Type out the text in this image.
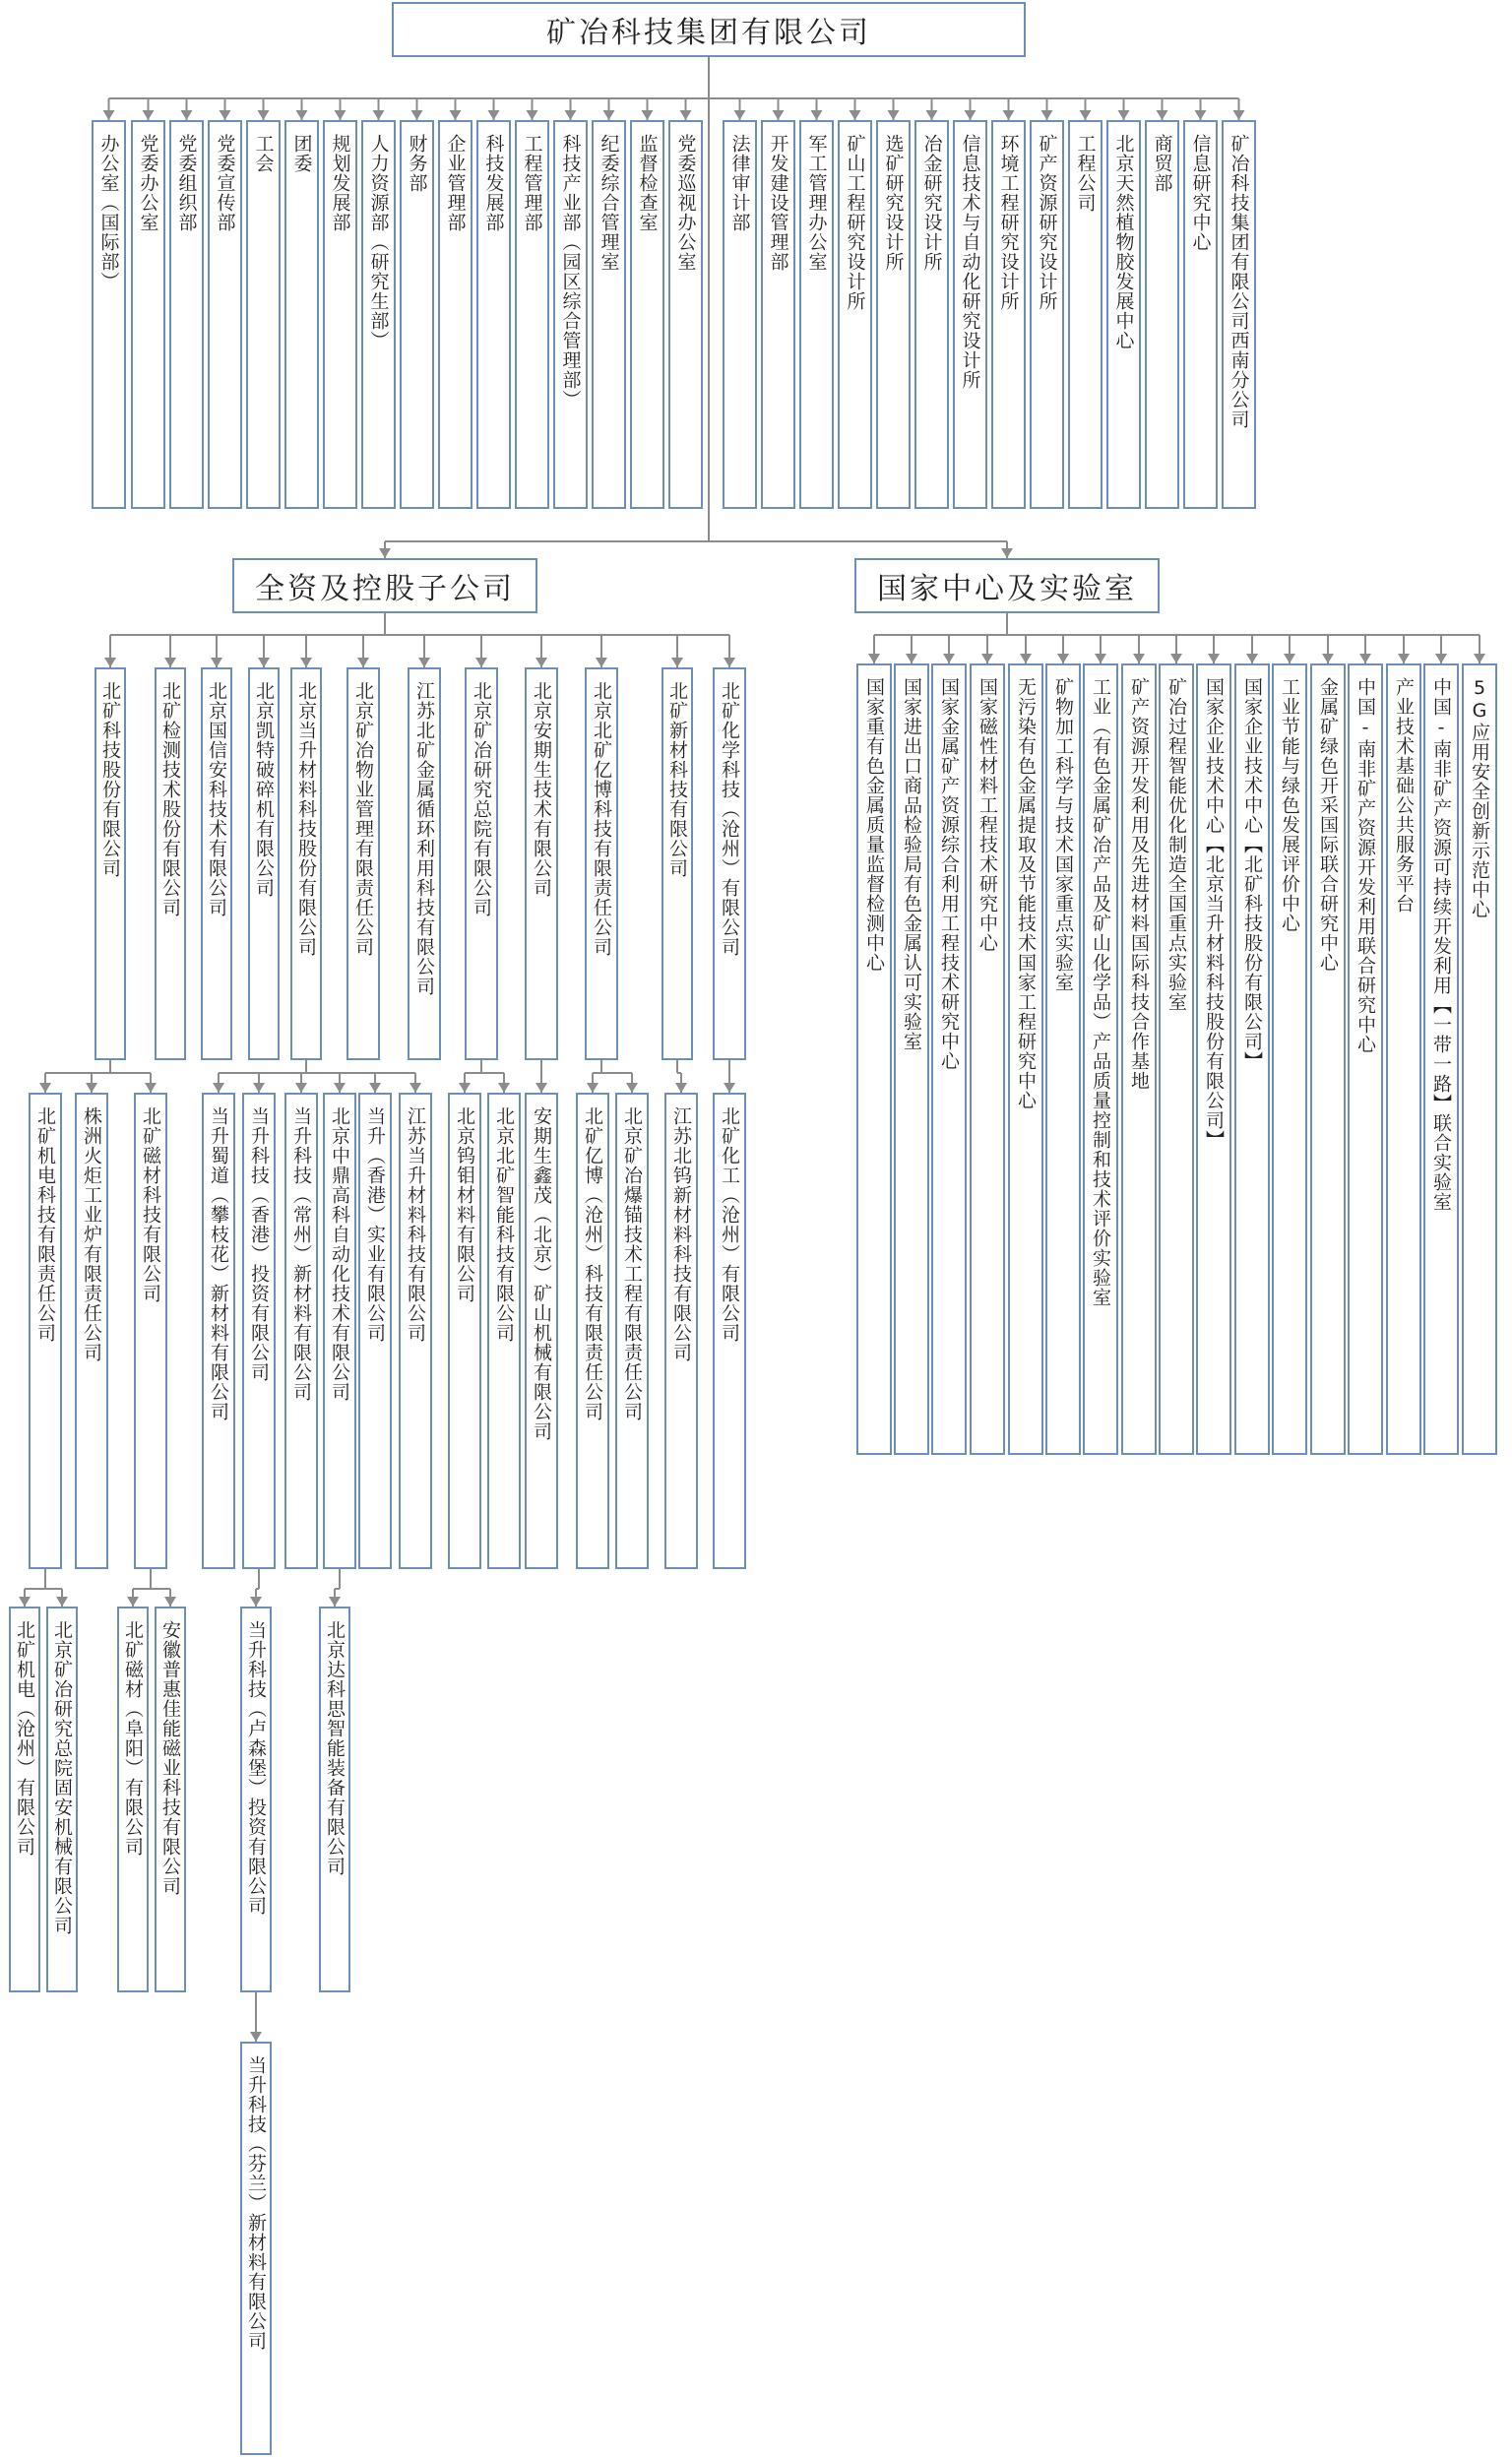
矿冶科技集团有限公司
办公室（国际部） 党委办公室 党委组织部 党委宣传部 工会 团委 规划发展部 人力资源部（研究生部） 财务部 企业管理部 科技发展部 工程管理部 科技产业部（园区综合管理部） 纪委综合管理室 监督检查室 党委巡视办公室 法律审计部 开发建设管理部 军工管理办公室 矿山工程研究设计所 选矿研究设计所 冶金研究设计所 信息技术与自动化研究设计所 环境工程研究设计所 矿产资源研究设计所 工程公司 北京天然植物胶发展中心 商贸部 信息研究中心 矿冶科技集团有限公司西南分公司
全资及控股子公司	国家中心及实验室
北矿科技股份有限公司 北矿检测技术股份有限公司 北京国信安科技术有限公司 北京凯特破碎机有限公司 北京当升材料科技股份有限公司 北京矿冶物业管理有限责任公司 江苏北矿金属循环利用科技有限公司 北京矿冶研究总院有限公司 北京安期生技术有限公司 北京北矿亿博科技有限责任公司	北矿新材科技有限公司 北矿化学科技（沧州）有限公司
北矿机电科技有限责任公司 株洲火炬工业炉有限责任公司 北矿磁材科技有限公司 当升蜀道（攀枝花）新材料有限公司 当升科技（香港）投资有限公司 当升科技（常州）新材料有限公司 北京中鼎高科自动化技术有限公司 当升（香港）实业有限公司 江苏当升材料科技有限公司 北京钨钼材料有限公司 北京北矿智能科技有限公司 安期生鑫茂（北京）矿山机械有限公司 北矿亿博（沧州）科技有限责任公司 北京矿冶爆锚技术工程有限责任公司 江苏北钨新材料科技有限公司 北矿化工（沧州）有限公司
北矿机电（沧州）有限公司 北京矿冶研究总院固安机械有限公司	北矿磁材（阜阳）有限公司 安徽普惠佳能磁业科技有限公司	当升科技（卢森堡）投资有限公司	北京达科思智能装备有限公司
当升科技（芬兰）新材料有限公司
国家重有色金属质量监督检测中心 国家进出口商品检验局有色金属认可实验室 国家金属矿产资源综合利用工程技术研究中心 国家磁性材料工程技术研究中心 无污染有色金属提取及节能技术国家工程研究中心 矿物加工科学与技术国家重点实验室 工业（有色金属矿冶产品及矿山化学品）产品质量控制和技术评价实验室 矿产资源开发利用及先进材料国际科技合作基地 矿冶过程智能优化制造全国重点实验室 国家企业技术中心【北京当升材料科技股份有限公司】 国家企业技术中心【北矿科技股份有限公司】 工业节能与绿色发展评价中心 金属矿绿色开采国际联合研究中心 中国-南非矿产资源开发利用联合研究中心 产业技术基础公共服务平台 中国-南非矿产资源可持续开发利用【一带一路】联合实验室 5G应用安全创新示范中心
